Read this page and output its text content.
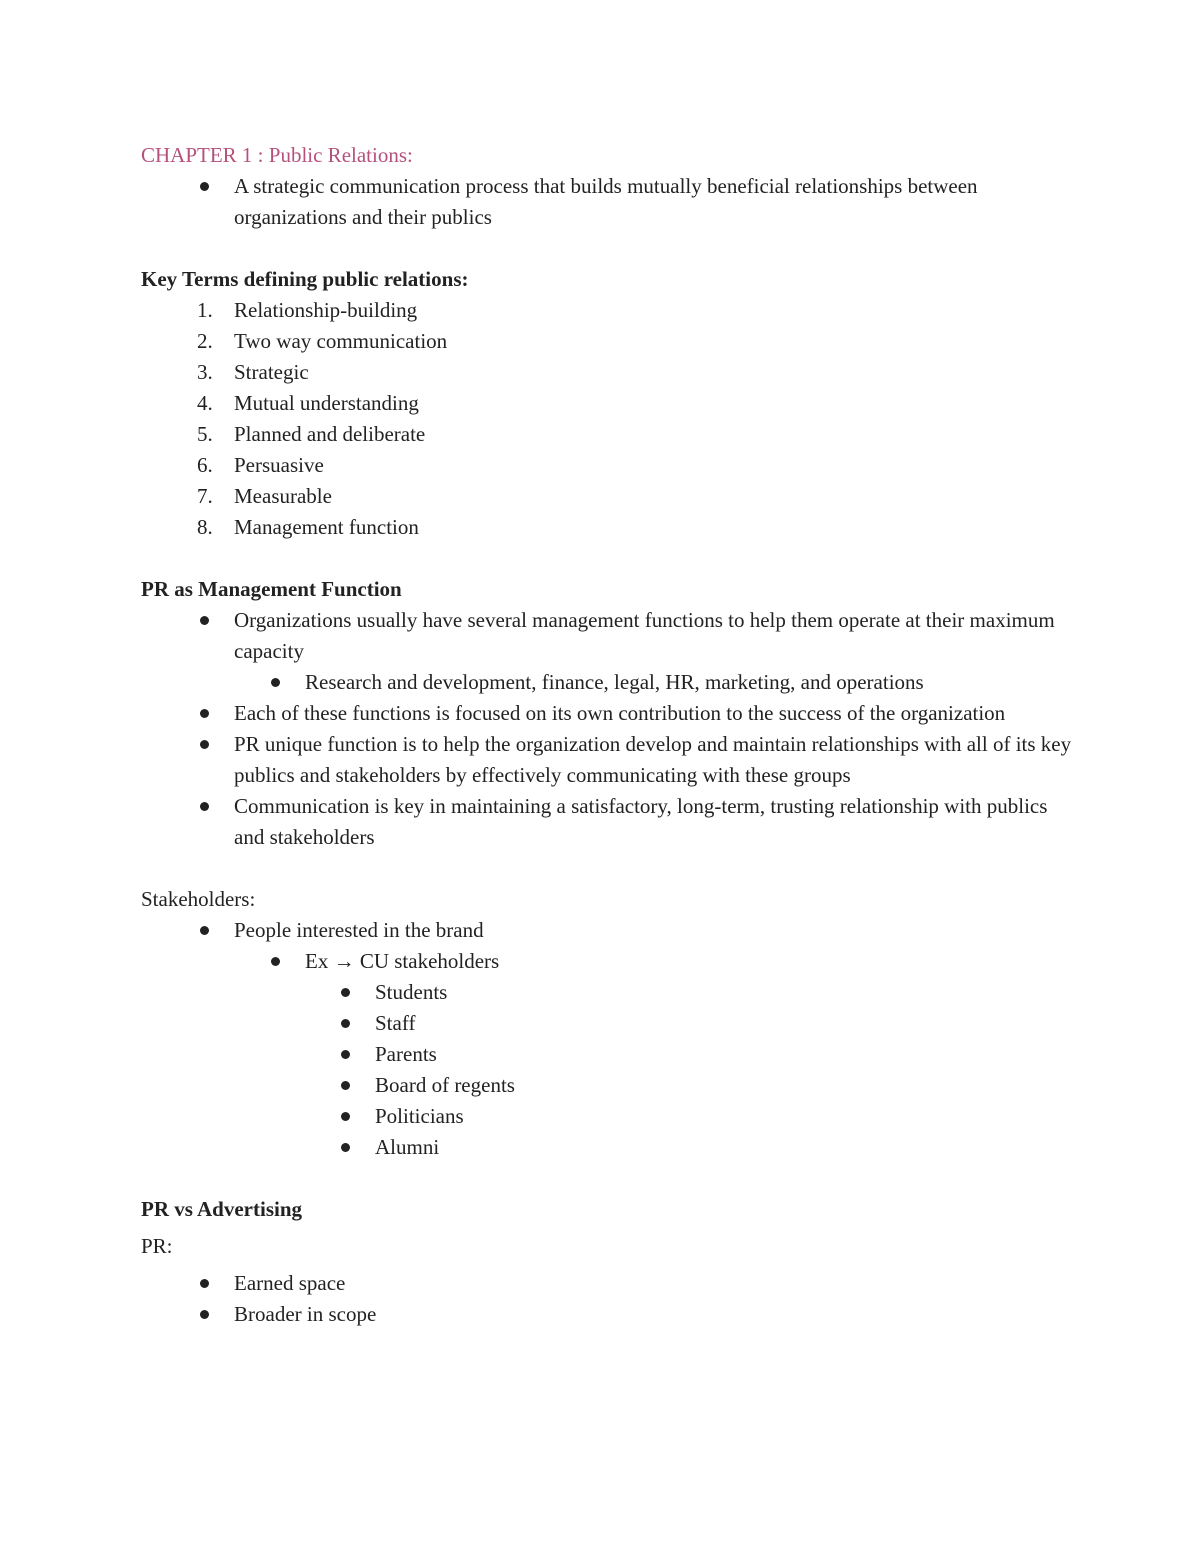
CHAPTER 1 : Public Relations:

A strategic communication process that builds mutually beneficial relationships between organizations and their publics

Key Terms defining public relations:

1.	Relationship-building
2.	Two way communication
3.	Strategic
4.	Mutual understanding
5.	Planned and deliberate
6.	Persuasive
7.	Measurable
8.	Management function

PR as Management Function

Organizations usually have several management functions to help them operate at their maximum capacity
Research and development, finance, legal, HR, marketing, and operations
Each of these functions is focused on its own contribution to the success of the organization
PR unique function is to help the organization develop and maintain relationships with all of its key publics and stakeholders by effectively communicating with these groups
Communication is key in maintaining a satisfactory, long-term, trusting relationship with publics and stakeholders

Stakeholders:

People interested in the brand
Ex → CU stakeholders
Students
Staff
Parents
Board of regents
Politicians
Alumni

PR vs Advertising

PR:

Earned space
Broader in scope
